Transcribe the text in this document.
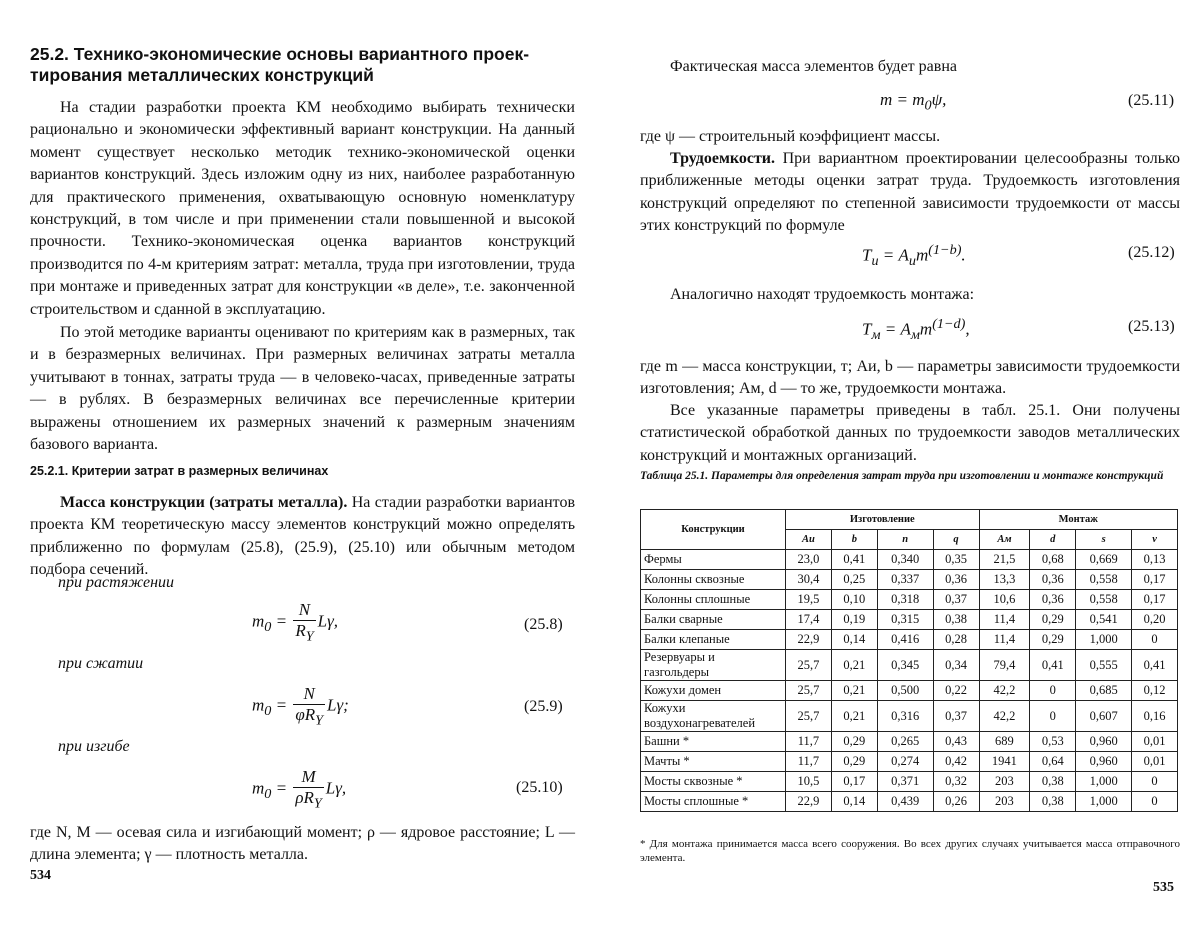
25.2. Технико-экономические основы вариантного проек-
тирования металлических конструкций

На стадии разработки проекта КМ необходимо выбирать технически рационально и экономически эффективный вариант конструкции. На данный момент существует несколько методик технико-экономической оценки вариантов конструкций. Здесь изложим одну из них, наиболее разработанную для практического применения, охватывающую основную номенклатуру конструкций, в том числе и при применении стали повышенной и высокой прочности. Технико-экономическая оценка вариантов конструкций производится по 4-м критериям затрат: металла, труда при изготовлении, труда при монтаже и приведенных затрат для конструкции «в деле», т.е. законченной строительством и сданной в эксплуатацию.

По этой методике варианты оценивают по критериям как в размерных, так и в безразмерных величинах. При размерных величинах затраты металла учитывают в тоннах, затраты труда — в человеко-часах, приведенные затраты — в рублях. В безразмерных величинах все перечисленные критерии выражены отношением их размерных значений к размерным значениям базового варианта.

25.2.1. Критерии затрат в размерных величинах

Масса конструкции (затраты металла). На стадии разработки вариантов проекта КМ теоретическую массу элементов конструкций можно определять приближенно по формулам (25.8), (25.9), (25.10) или обычным методом подбора сечений.

при растяжении
$m_0 = \frac{N}{R_Y} L\gamma$,	(25.8)
при сжатии
$m_0 = \frac{N}{\varphi R_Y} L\gamma$;	(25.9)
при изгибе
$m_0 = \frac{M}{\rho R_Y} L\gamma$,	(25.10)

где N, M — осевая сила и изгибающий момент; ρ — ядровое расстояние; L — длина элемента; γ — плотность металла.

534

Фактическая масса элементов будет равна

$m = m_0\psi$,	(25.11)

где ψ — строительный коэффициент массы.

Трудоемкости. При вариантном проектировании целесообразны только приближенные методы оценки затрат труда. Трудоемкость изготовления конструкций определяют по степенной зависимости трудоемкости от массы этих конструкций по формуле

$T_и = A_иm^{(1-b)}$.	(25.12)

Аналогично находят трудоемкость монтажа:

$T_м = A_мm^{(1-d)}$,	(25.13)

где m — масса конструкции, т; Aи, b — параметры зависимости трудоемкости изготовления; Aм, d — то же, трудоемкости монтажа.

Все указанные параметры приведены в табл. 25.1. Они получены статистической обработкой данных по трудоемкости заводов металлических конструкций и монтажных организаций.

Таблица 25.1. Параметры для определения затрат труда при изготовлении и монтаже конструкций
Конструкции	Изготовление				Монтаж			
	Aи	b	n	q	Aм	d	s	v
Фермы	23,0	0,41	0,340	0,35	21,5	0,68	0,669	0,13
Колонны сквозные	30,4	0,25	0,337	0,36	13,3	0,36	0,558	0,17
Колонны сплошные	19,5	0,10	0,318	0,37	10,6	0,36	0,558	0,17
Балки сварные	17,4	0,19	0,315	0,38	11,4	0,29	0,541	0,20
Балки клепаные	22,9	0,14	0,416	0,28	11,4	0,29	1,000	0
Резервуары и газгольдеры	25,7	0,21	0,345	0,34	79,4	0,41	0,555	0,41
Кожухи домен	25,7	0,21	0,500	0,22	42,2	0	0,685	0,12
Кожухи воздухонагревателей	25,7	0,21	0,316	0,37	42,2	0	0,607	0,16
Башни *	11,7	0,29	0,265	0,43	689	0,53	0,960	0,01
Мачты *	11,7	0,29	0,274	0,42	1941	0,64	0,960	0,01
Мосты сквозные *	10,5	0,17	0,371	0,32	203	0,38	1,000	0
Мосты сплошные *	22,9	0,14	0,439	0,26	203	0,38	1,000	0
* Для монтажа принимается масса всего сооружения. Во всех других случаях учитывается масса отправочного элемента.
535
